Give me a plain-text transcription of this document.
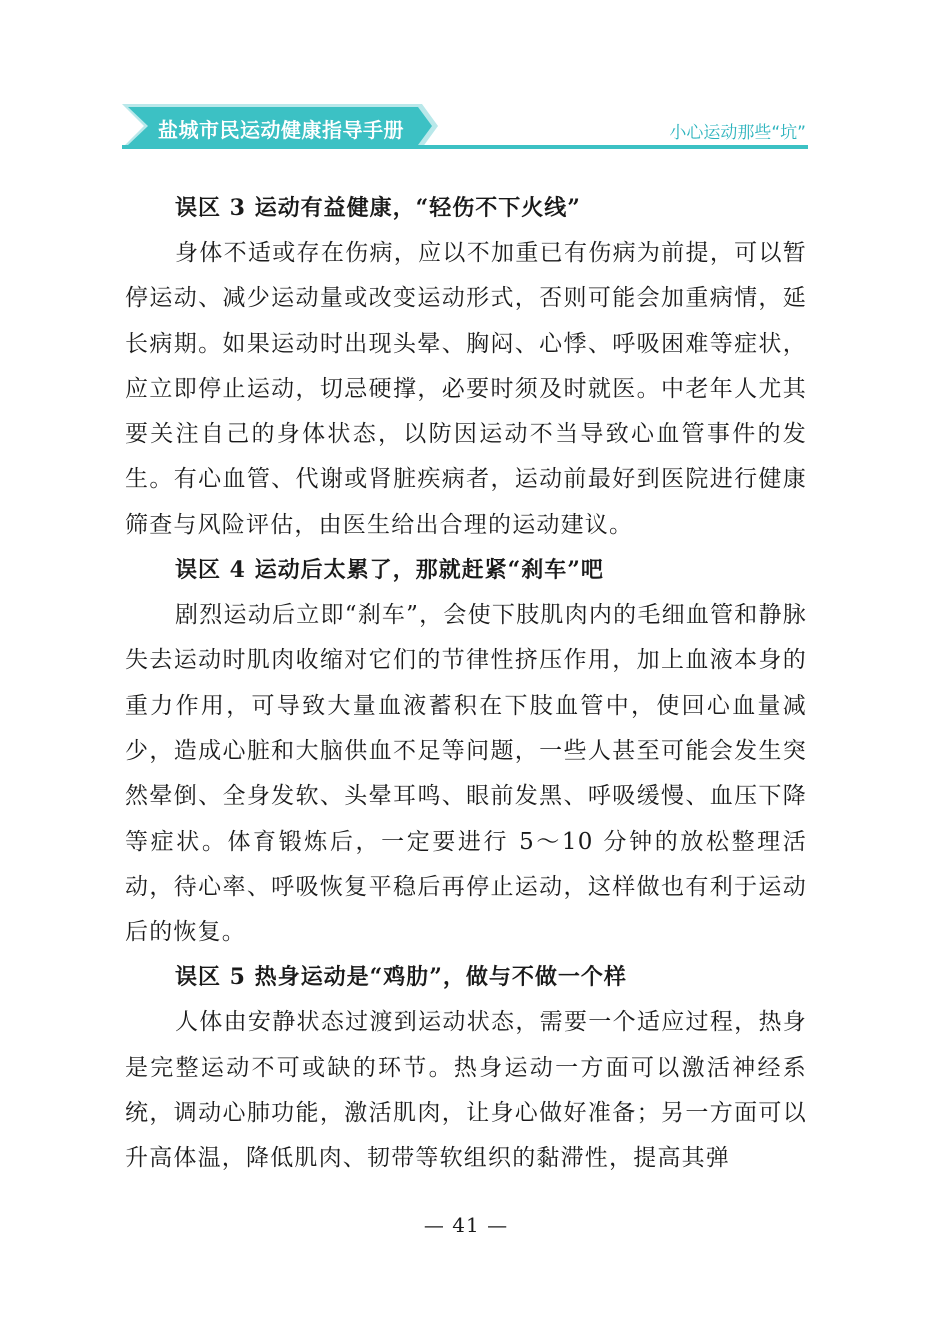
盐城市民运动健康指导手册	小心运动那些“坑”
误区 3 运动有益健康，“轻伤不下火线”
身体不适或存在伤病，应以不加重已有伤病为前提，可以暂停运动、减少运动量或改变运动形式，否则可能会加重病情，延长病期。如果运动时出现头晕、胸闷、心悸、呼吸困难等症状，应立即停止运动，切忌硬撑，必要时须及时就医。中老年人尤其要关注自己的身体状态，以防因运动不当导致心血管事件的发生。有心血管、代谢或肾脏疾病者，运动前最好到医院进行健康筛查与风险评估，由医生给出合理的运动建议。
误区 4 运动后太累了，那就赶紧“刹车”吧
剧烈运动后立即“刹车”，会使下肢肌肉内的毛细血管和静脉失去运动时肌肉收缩对它们的节律性挤压作用，加上血液本身的重力作用，可导致大量血液蓄积在下肢血管中，使回心血量减少，造成心脏和大脑供血不足等问题，一些人甚至可能会发生突然晕倒、全身发软、头晕耳鸣、眼前发黑、呼吸缓慢、血压下降等症状。体育锻炼后，一定要进行 5～10 分钟的放松整理活动，待心率、呼吸恢复平稳后再停止运动，这样做也有利于运动后的恢复。
误区 5 热身运动是“鸡肋”，做与不做一个样
人体由安静状态过渡到运动状态，需要一个适应过程，热身是完整运动不可或缺的环节。热身运动一方面可以激活神经系统，调动心肺功能，激活肌肉，让身心做好准备；另一方面可以升高体温，降低肌肉、韧带等软组织的黏滞性，提高其弹
— 41 —
